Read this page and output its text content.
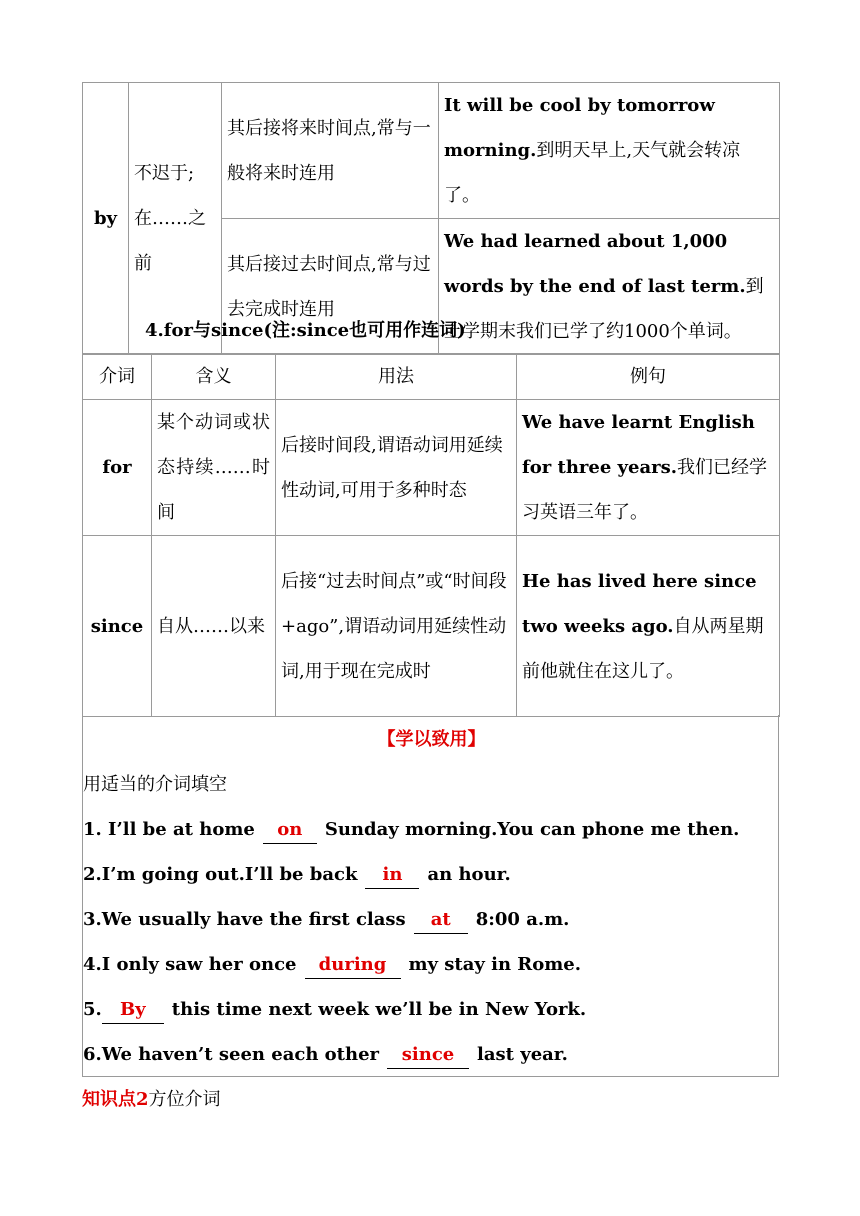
by	不迟于;在……之前	其后接将来时间点,常与一般将来时连用	It will be cool by tomorrow morning.到明天早上,天气就会转凉了。
		其后接过去时间点,常与过去完成时连用	We had learned about 1,000 words by the end of last term.到上学期末我们已学了约1000个单词。
4.for与since(注:since也可用作连词)
介词	含义	用法	例句
for	某个动词或状态持续……时间	后接时间段,谓语动词用延续性动词,可用于多种时态	We have learnt English for three years.我们已经学习英语三年了。
since	自从……以来	后接“过去时间点”或“时间段+ago”,谓语动词用延续性动词,用于现在完成时	He has lived here since two weeks ago.自从两星期前他就住在这儿了。
【学以致用】
用适当的介词填空
1. I’ll be at home on Sunday morning.You can phone me then.
2.I’m going out.I’ll be back in an hour.
3.We usually have the first class at 8:00 a.m.
4.I only saw her once during my stay in Rome.
5. By this time next week we’ll be in New York.
6.We haven’t seen each other since last year.
知识点2方位介词
